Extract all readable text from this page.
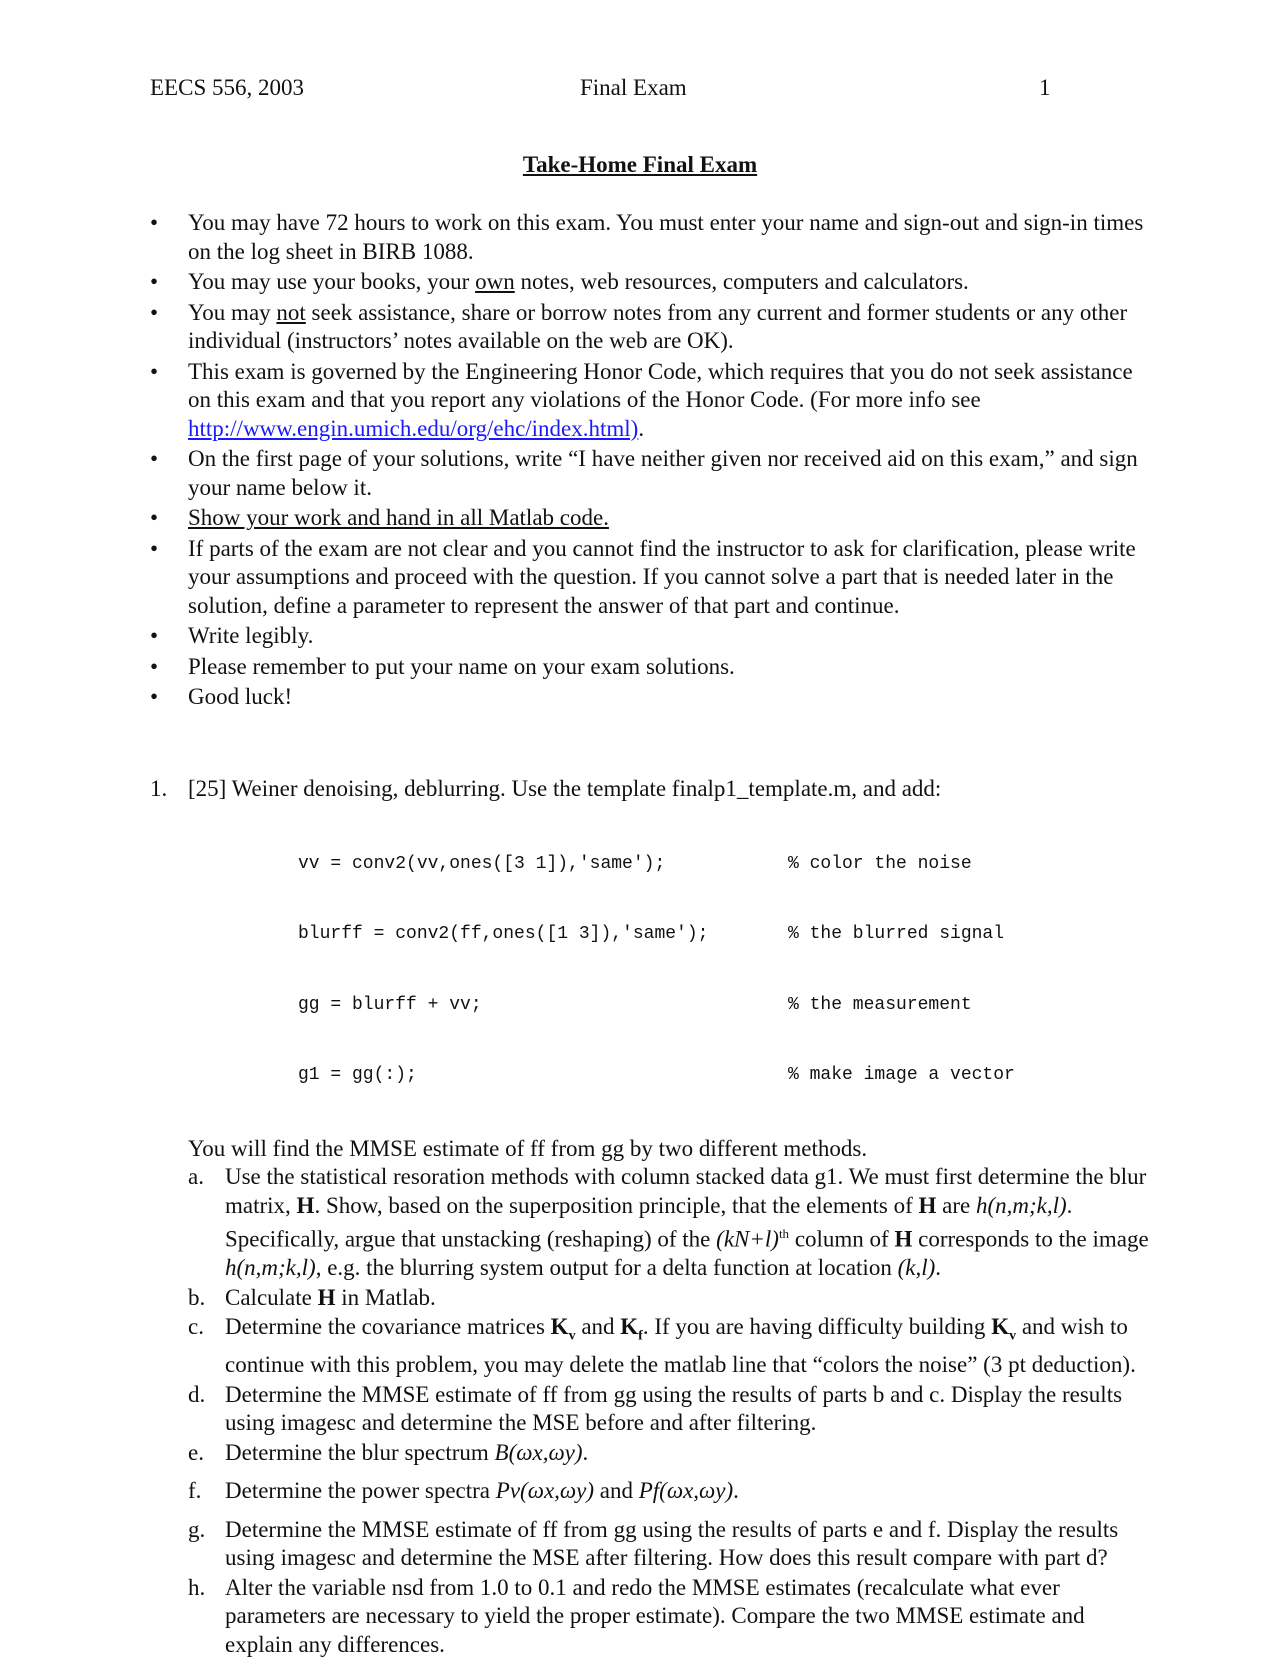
EECS 556, 2003	Final Exam	1
Take-Home Final Exam
• You may have 72 hours to work on this exam. You must enter your name and sign-out and sign-in times on the log sheet in BIRB 1088.
• You may use your books, your own notes, web resources, computers and calculators.
• You may not seek assistance, share or borrow notes from any current and former students or any other individual (instructors’ notes available on the web are OK).
• This exam is governed by the Engineering Honor Code, which requires that you do not seek assistance on this exam and that you report any violations of the Honor Code. (For more info see http://www.engin.umich.edu/org/ehc/index.html).
• On the first page of your solutions, write “I have neither given nor received aid on this exam,” and sign your name below it.
• Show your work and hand in all Matlab code.
• If parts of the exam are not clear and you cannot find the instructor to ask for clarification, please write your assumptions and proceed with the question. If you cannot solve a part that is needed later in the solution, define a parameter to represent the answer of that part and continue.
• Write legibly.
• Please remember to put your name on your exam solutions.
• Good luck!
1. [25] Weiner denoising, deblurring. Use the template finalp1_template.m, and add:

vv = conv2(vv,ones([3 1]),'same');	% color the noise

blurff = conv2(ff,ones([1 3]),'same');	% the blurred signal

gg = blurff + vv;	% the measurement

g1 = gg(:);	% make image a vector

You will find the MMSE estimate of ff from gg by two different methods.
a. Use the statistical resoration methods with column stacked data g1. We must first determine the blur matrix, H. Show, based on the superposition principle, that the elements of H are h(n,m;k,l). Specifically, argue that unstacking (reshaping) of the $(kN+l)^{th}$ column of H corresponds to the image h(n,m;k,l), e.g. the blurring system output for a delta function at location (k,l).
b. Calculate H in Matlab.
c. Determine the covariance matrices $K_v$ and $K_f$. If you are having difficulty building $K_v$ and wish to continue with this problem, you may delete the matlab line that “colors the noise” (3 pt deduction).
d. Determine the MMSE estimate of ff from gg using the results of parts b and c. Display the results using imagesc and determine the MSE before and after filtering.
e. Determine the blur spectrum B(ωx,ωy).
f. Determine the power spectra Pv(ωx,ωy) and Pf(ωx,ωy).
g. Determine the MMSE estimate of ff from gg using the results of parts e and f. Display the results using imagesc and determine the MSE after filtering. How does this result compare with part d?
h. Alter the variable nsd from 1.0 to 0.1 and redo the MMSE estimates (recalculate what ever parameters are necessary to yield the proper estimate). Compare the two MMSE estimate and explain any differences.
